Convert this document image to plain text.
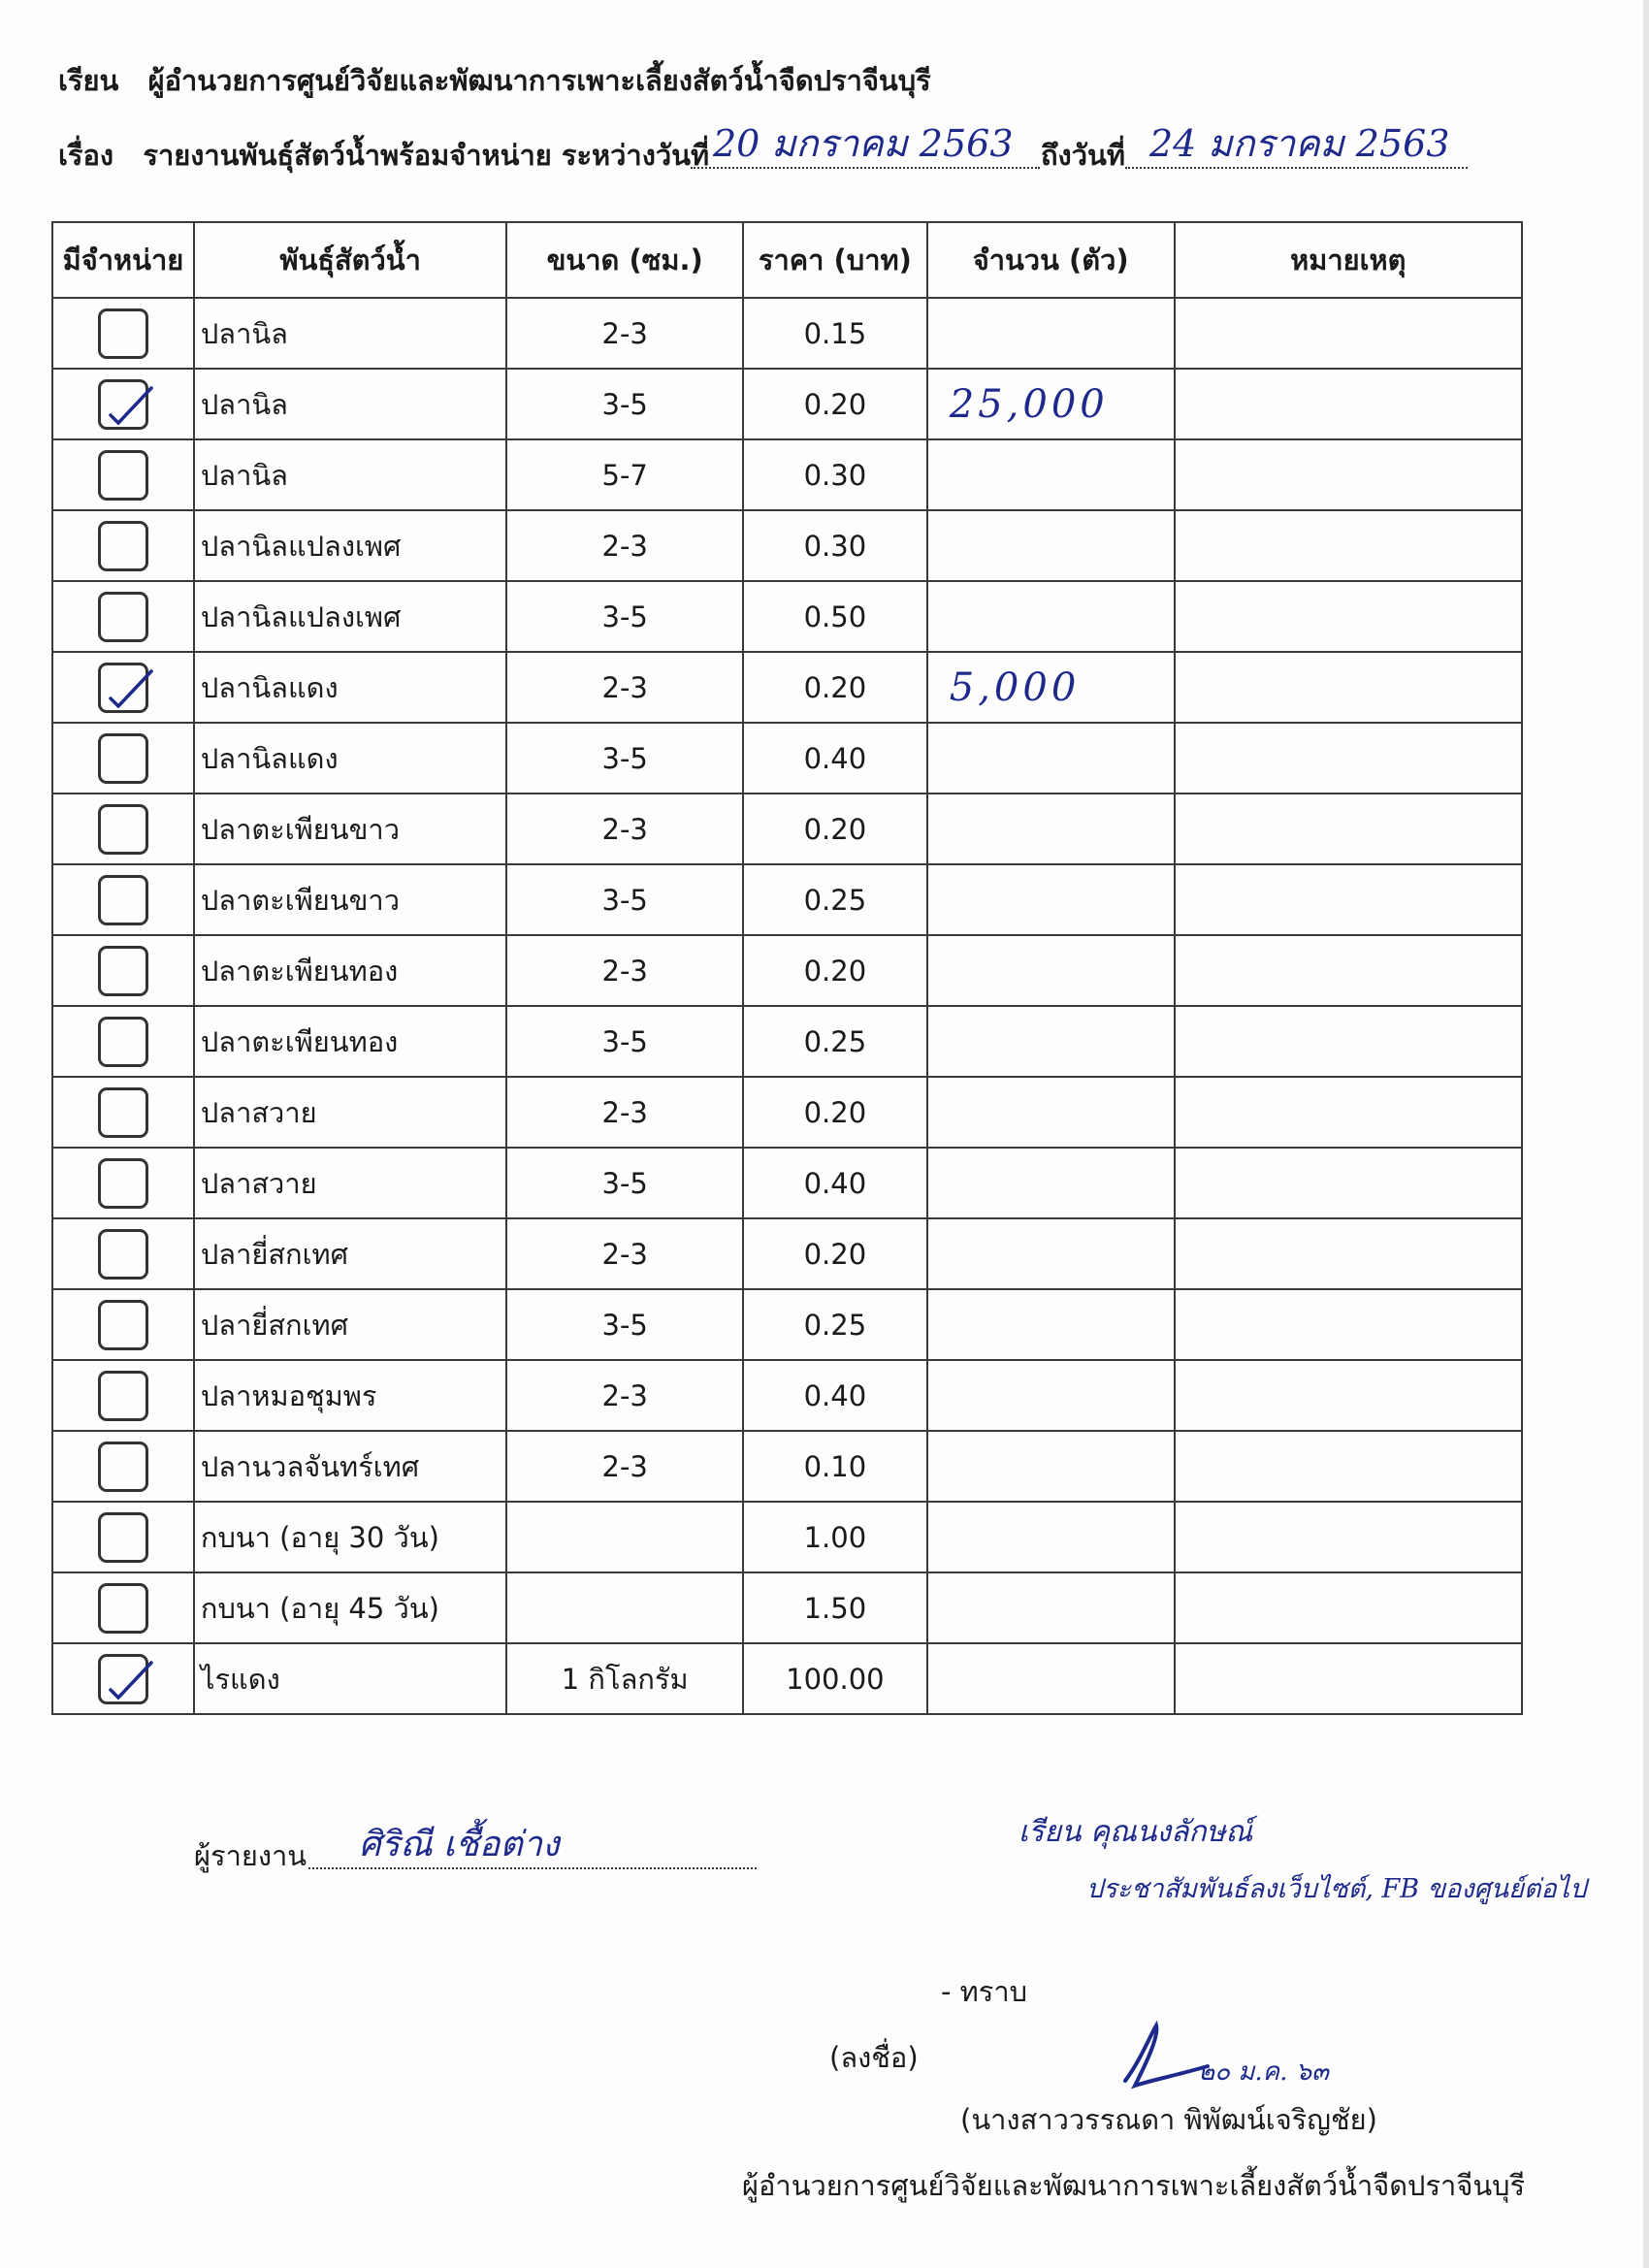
เรียน ผู้อำนวยการศูนย์วิจัยและพัฒนาการเพาะเลี้ยงสัตว์น้ำจืดปราจีนบุรี
เรื่อง รายงานพันธุ์สัตว์น้ำพร้อมจำหน่าย ระหว่างวันที่ 20 มกราคม 2563 ถึงวันที่ 24 มกราคม 2563
มีจำหน่าย	พันธุ์สัตว์น้ำ	ขนาด (ซม.)	ราคา (บาท)	จำนวน (ตัว)	หมายเหตุ
	ปลานิล	2-3	0.15		

	ปลานิล	3-5	0.20	25,000	
	ปลานิล	5-7	0.30		
	ปลานิลแปลงเพศ	2-3	0.30		
	ปลานิลแปลงเพศ	3-5	0.50		

	ปลานิลแดง	2-3	0.20	5,000	
	ปลานิลแดง	3-5	0.40		
	ปลาตะเพียนขาว	2-3	0.20		
	ปลาตะเพียนขาว	3-5	0.25		
	ปลาตะเพียนทอง	2-3	0.20		
	ปลาตะเพียนทอง	3-5	0.25		
	ปลาสวาย	2-3	0.20		
	ปลาสวาย	3-5	0.40		
	ปลายี่สกเทศ	2-3	0.20		
	ปลายี่สกเทศ	3-5	0.25		
	ปลาหมอชุมพร	2-3	0.40		
	ปลานวลจันทร์เทศ	2-3	0.10		
	กบนา (อายุ 30 วัน)		1.00		
	กบนา (อายุ 45 วัน)		1.50		

	ไรแดง	1 กิโลกรัม	100.00		
ผู้รายงาน ศิริณี เชื้อต่าง	เรียน คุณนงลักษณ์
ประชาสัมพันธ์ลงเว็บไซต์, FB ของศูนย์ต่อไป
- ทราบ
(ลงชื่อ)	๒๐ ม.ค. ๖๓
(นางสาววรรณดา พิพัฒน์เจริญชัย)
ผู้อำนวยการศูนย์วิจัยและพัฒนาการเพาะเลี้ยงสัตว์น้ำจืดปราจีนบุรี
